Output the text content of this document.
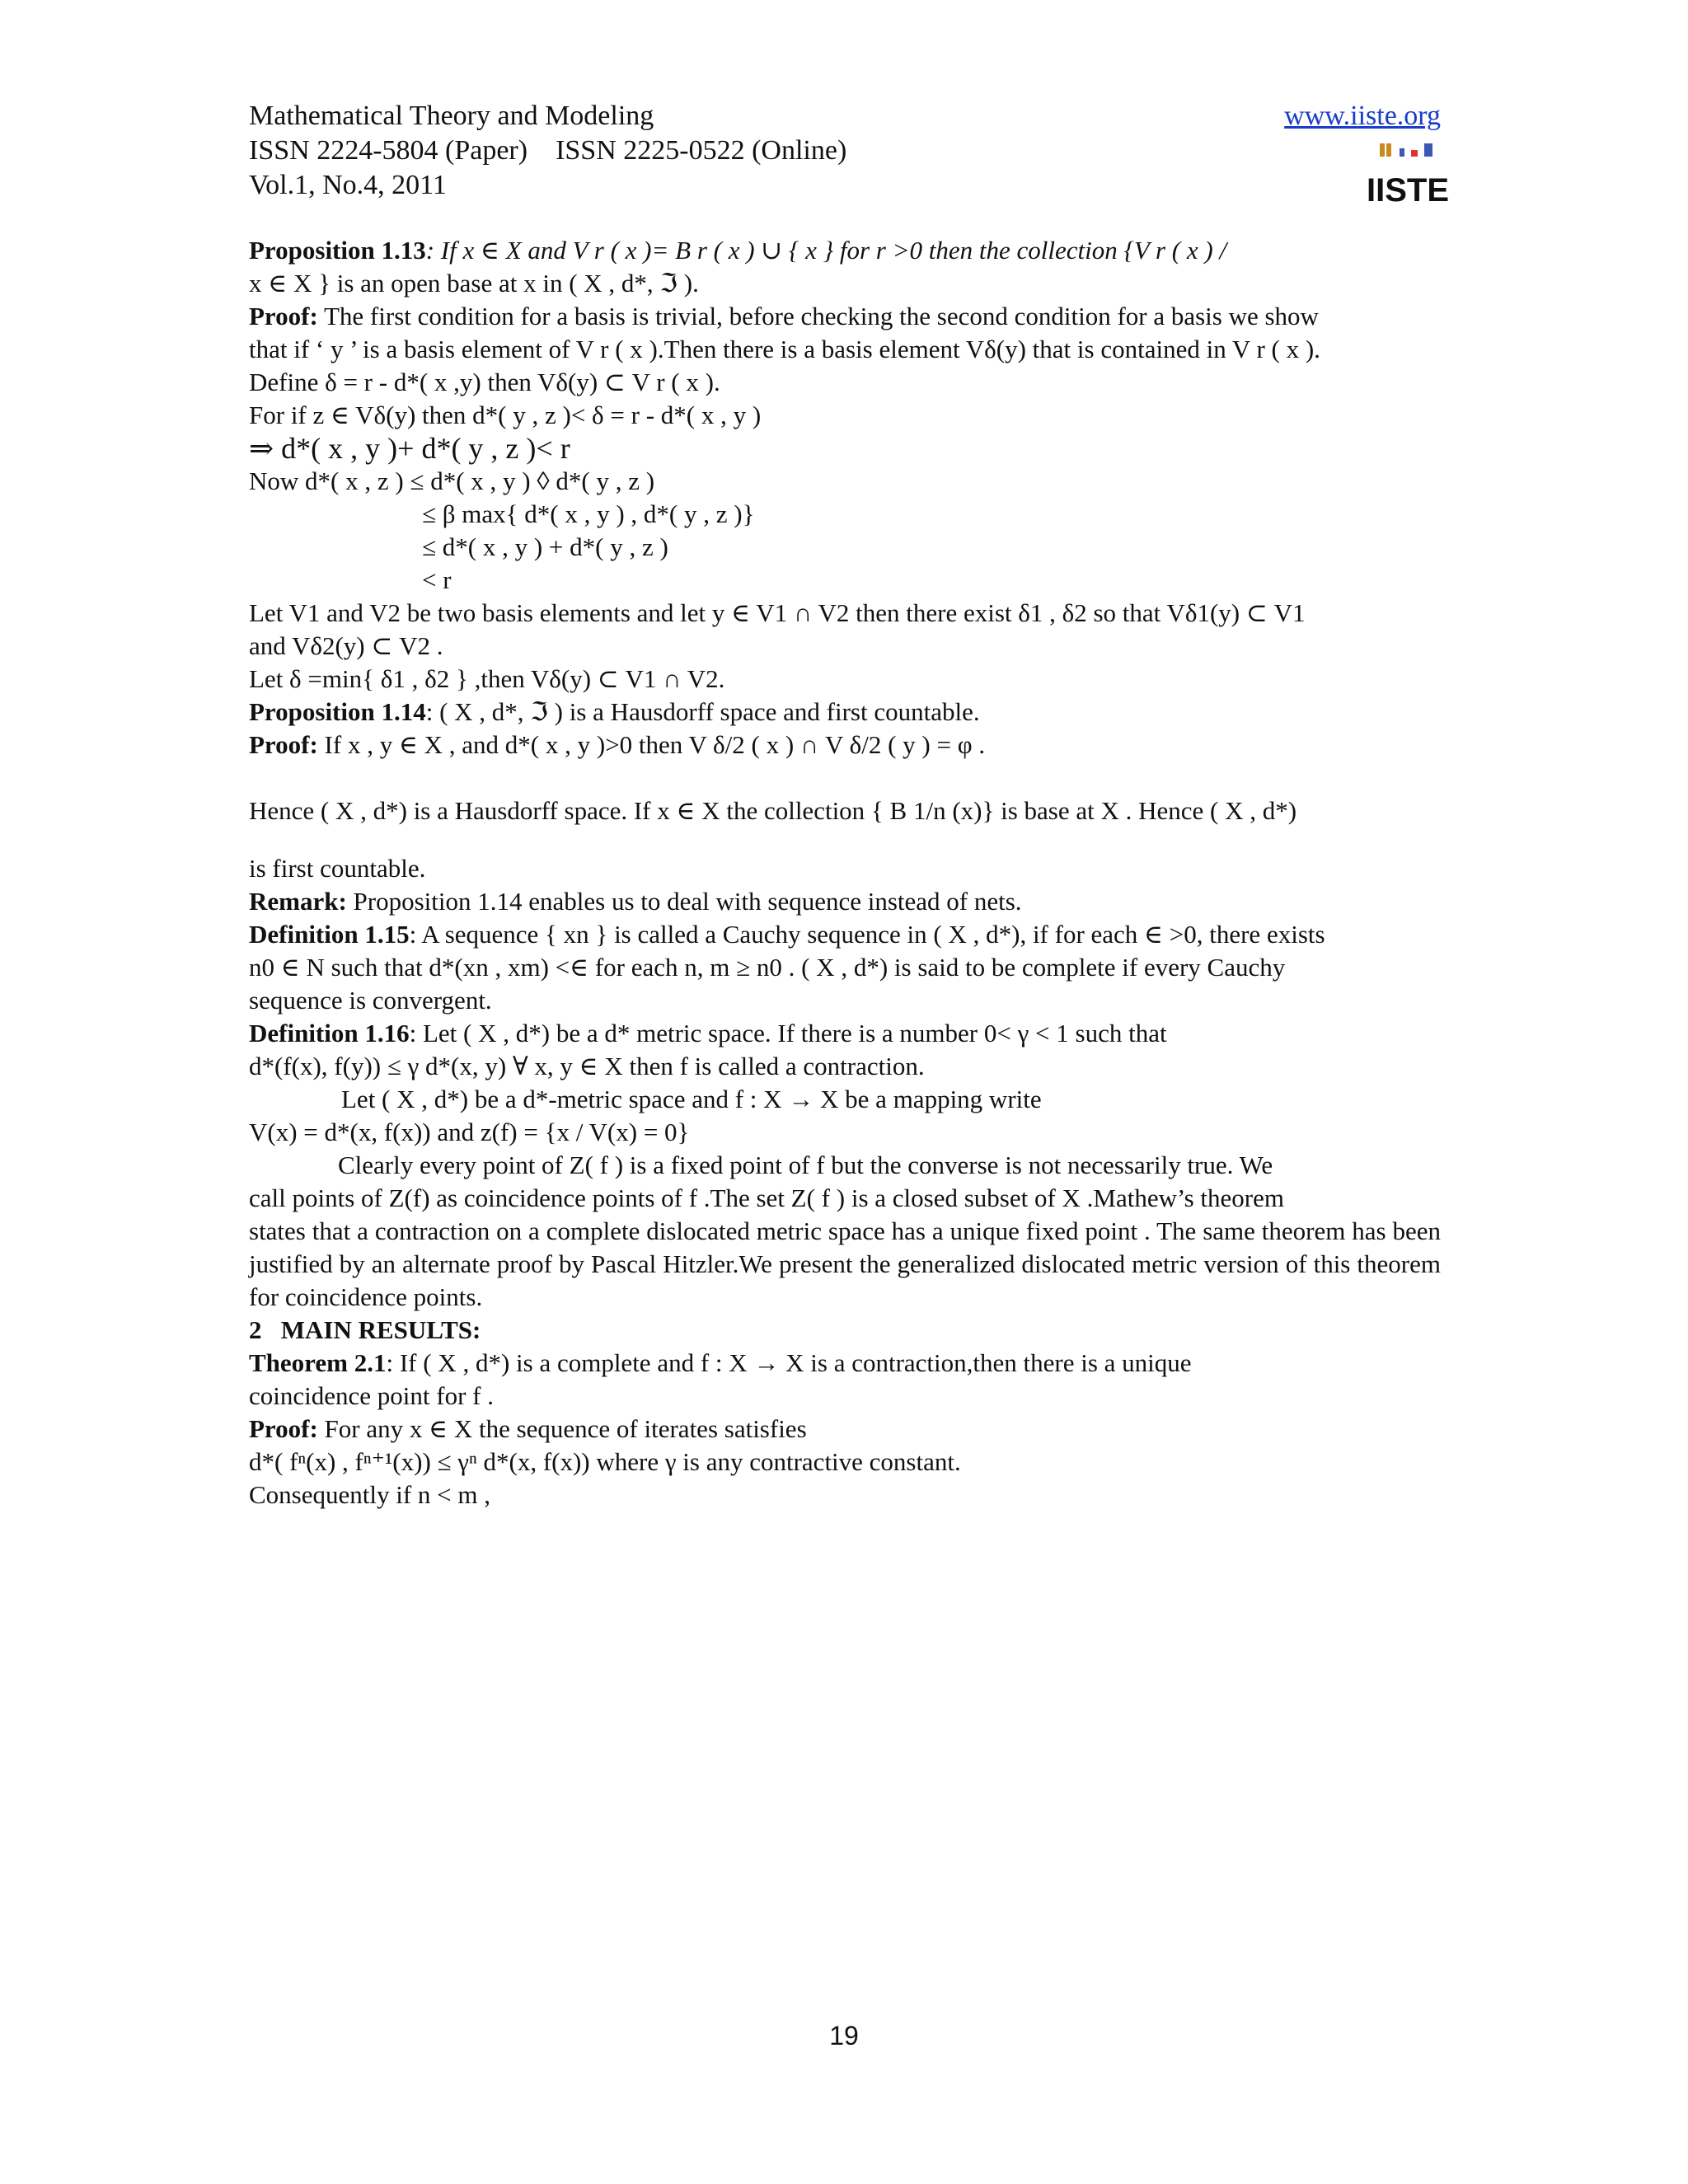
Mathematical Theory and Modeling	www.iiste.org
ISSN 2224-5804 (Paper)    ISSN 2225-0522 (Online)
Vol.1, No.4, 2011	IISTE

Proposition 1.13: If x ∈ X and V r ( x )= B r ( x ) ∪ { x } for r >0 then the collection {V r ( x ) /

x ∈ X } is an open base at x in ( X , d*, ℑ ).

Proof: The first condition for a basis is trivial, before checking the second condition for a basis we show

that if ‘ y ’ is a basis element of V r ( x ).Then there is a basis element Vδ(y) that is contained in V r ( x ).

Define δ = r - d*( x ,y) then Vδ(y) ⊂ V r ( x ).

For if z ∈ Vδ(y) then d*( y , z )< δ = r - d*( x , y )

⇒ d*( x , y )+ d*( y , z )< r

Now d*( x , z ) ≤ d*( x , y ) ◊ d*( y , z )

≤ β max{ d*( x , y ) , d*( y , z )}

≤ d*( x , y ) + d*( y , z )

< r

Let V1 and V2 be two basis elements and let y ∈ V1 ∩ V2 then there exist δ1 , δ2 so that Vδ1(y) ⊂ V1

and Vδ2(y) ⊂ V2 .

Let δ =min{ δ1 , δ2 } ,then Vδ(y) ⊂ V1 ∩ V2.

Proposition 1.14: ( X , d*, ℑ ) is a Hausdorff space and first countable.

Proof: If x , y ∈ X , and d*( x , y )>0 then V δ/2 ( x ) ∩ V δ/2 ( y ) = φ .

Hence ( X , d*) is a Hausdorff space. If x ∈ X the collection { B 1/n (x)} is base at X . Hence ( X , d*)

is first countable.

Remark: Proposition 1.14 enables us to deal with sequence instead of nets.

Definition 1.15: A sequence { xn } is called a Cauchy sequence in ( X , d*), if for each ∈ >0, there exists

n0 ∈ N such that d*(xn , xm) <∈ for each n, m ≥ n0 . ( X , d*) is said to be complete if every Cauchy

sequence is convergent.

Definition 1.16: Let ( X , d*) be a d* metric space. If there is a number 0< γ < 1 such that

d*(f(x), f(y)) ≤ γ d*(x, y) ∀ x, y ∈ X then f is called a contraction.

Let ( X , d*) be a d*-metric space and f : X → X be a mapping write

V(x) = d*(x, f(x)) and z(f) = {x / V(x) = 0}

Clearly every point of Z( f ) is a fixed point of f but the converse is not necessarily true. We

call points of Z(f) as coincidence points of f .The set Z( f ) is a closed subset of X .Mathew’s theorem

states that a contraction on a complete dislocated metric space has a unique fixed point . The same theorem has been justified by an alternate proof by Pascal Hitzler.We present the generalized dislocated metric version of this theorem for coincidence points.

2   MAIN RESULTS:

Theorem 2.1: If ( X , d*) is a complete and f : X → X is a contraction,then there is a unique

coincidence point for f .

Proof: For any x ∈ X the sequence of iterates satisfies

d*( fⁿ(x) , fⁿ⁺¹(x)) ≤ γⁿ d*(x, f(x)) where γ is any contractive constant.

Consequently if n < m ,

19
